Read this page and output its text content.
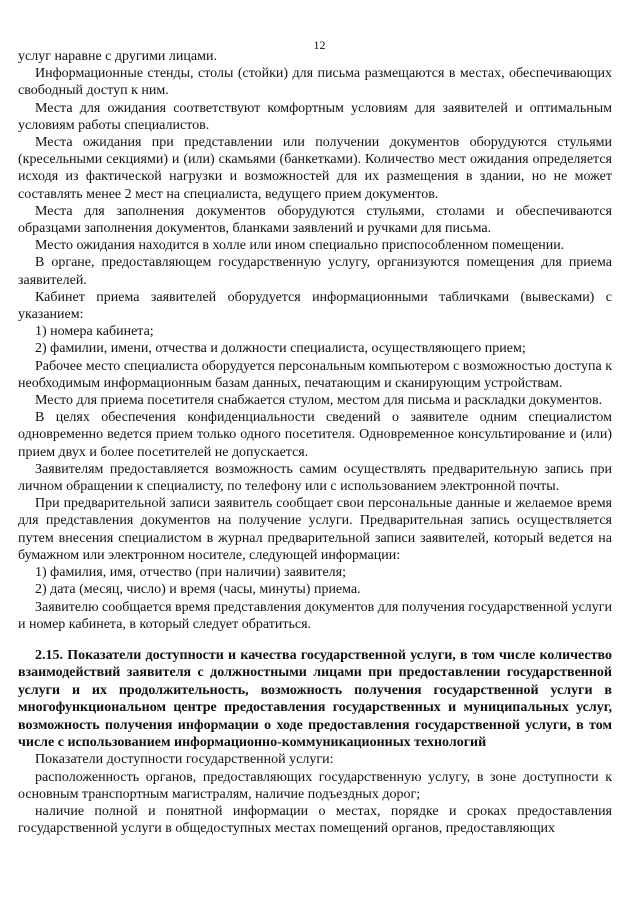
12

услуг наравне с другими лицами.

Информационные стенды, столы (стойки) для письма размещаются в местах, обеспечивающих свободный доступ к ним.

Места для ожидания соответствуют комфортным условиям для заявителей и оптимальным условиям работы специалистов.

Места ожидания при представлении или получении документов оборудуются стульями (кресельными секциями) и (или) скамьями (банкетками). Количество мест ожидания определяется исходя из фактической нагрузки и возможностей для их размещения в здании, но не может составлять менее 2 мест на специалиста, ведущего прием документов.

Места для заполнения документов оборудуются стульями, столами и обеспечиваются образцами заполнения документов, бланками заявлений и ручками для письма.

Место ожидания находится в холле или ином специально приспособленном помещении.

В органе, предоставляющем государственную услугу, организуются помещения для приема заявителей.

Кабинет приема заявителей оборудуется информационными табличками (вывесками) с указанием:

1) номера кабинета;

2) фамилии, имени, отчества и должности специалиста, осуществляющего прием;

Рабочее место специалиста оборудуется персональным компьютером с возможностью доступа к необходимым информационным базам данных, печатающим и сканирующим устройствам.

Место для приема посетителя снабжается стулом, местом для письма и раскладки документов.

В целях обеспечения конфиденциальности сведений о заявителе одним специалистом одновременно ведется прием только одного посетителя. Одновременное консультирование и (или) прием двух и более посетителей не допускается.

Заявителям предоставляется возможность самим осуществлять предварительную запись при личном обращении к специалисту, по телефону или с использованием электронной почты.

При предварительной записи заявитель сообщает свои персональные данные и желаемое время для представления документов на получение услуги. Предварительная запись осуществляется путем внесения специалистом в журнал предварительной записи заявителей, который ведется на бумажном или электронном носителе, следующей информации:

1) фамилия, имя, отчество (при наличии) заявителя;

2) дата (месяц, число) и время (часы, минуты) приема.

Заявителю сообщается время представления документов для получения государственной услуги и номер кабинета, в который следует обратиться.

2.15. Показатели доступности и качества государственной услуги, в том числе количество взаимодействий заявителя с должностными лицами при предоставлении государственной услуги и их продолжительность, возможность получения государственной услуги в многофункциональном центре предоставления государственных и муниципальных услуг, возможность получения информации о ходе предоставления государственной услуги, в том числе с использованием информационно-коммуникационных технологий

Показатели доступности государственной услуги:

расположенность органов, предоставляющих государственную услугу, в зоне доступности к основным транспортным магистралям, наличие подъездных дорог;

наличие полной и понятной информации о местах, порядке и сроках предоставления государственной услуги в общедоступных местах помещений органов, предоставляющих
